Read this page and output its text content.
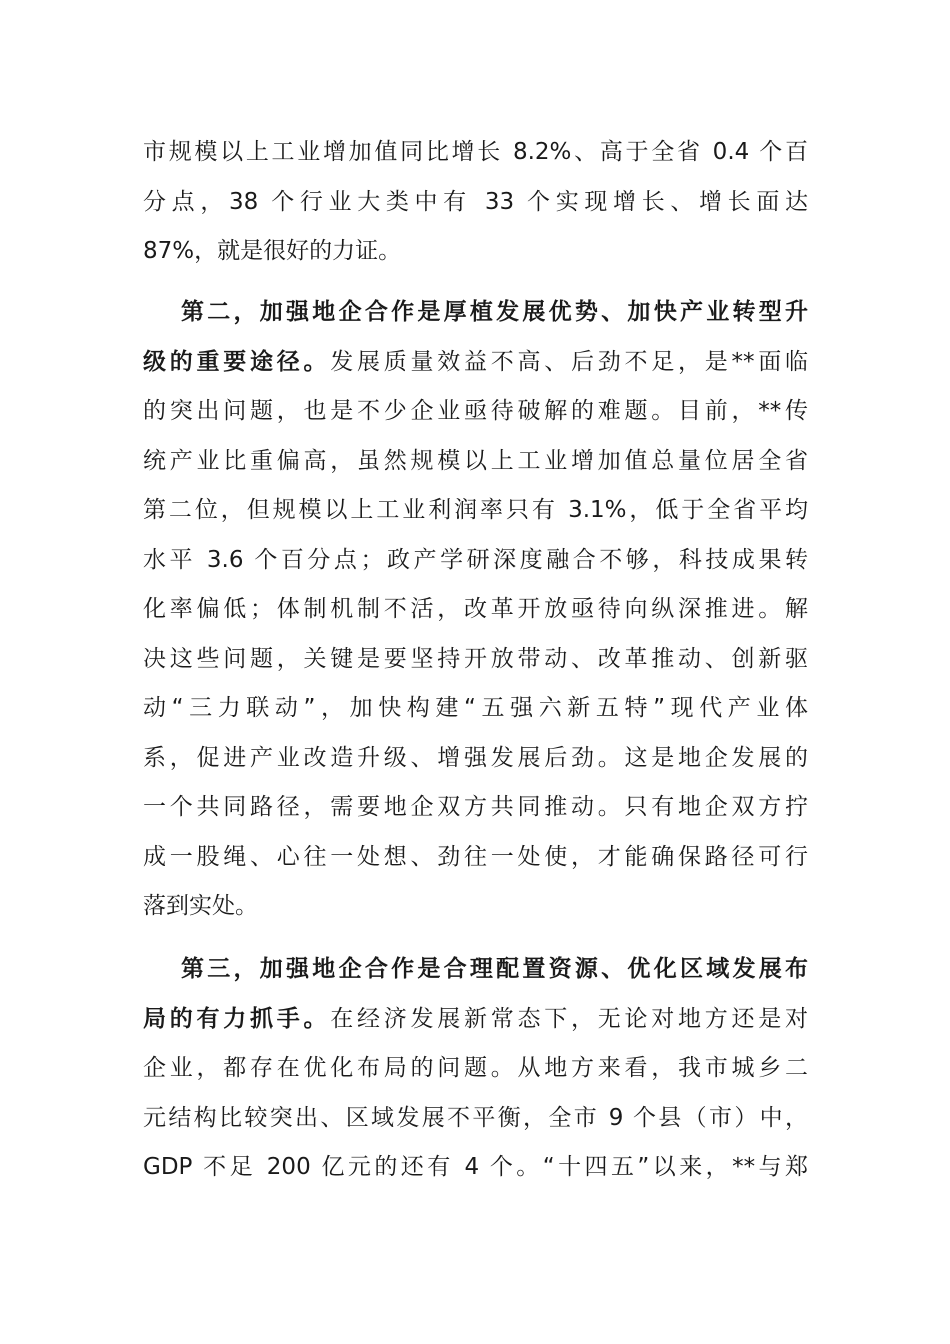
市规模以上工业增加值同比增长 8.2%、高于全省 0.4 个百
分点，38 个行业大类中有 33 个实现增长、增长面达
87%，就是很好的力证。
第二，加强地企合作是厚植发展优势、加快产业转型升
级的重要途径。发展质量效益不高、后劲不足，是**面临
的突出问题，也是不少企业亟待破解的难题。目前，**传
统产业比重偏高，虽然规模以上工业增加值总量位居全省
第二位，但规模以上工业利润率只有 3.1%，低于全省平均
水平 3.6 个百分点；政产学研深度融合不够，科技成果转
化率偏低；体制机制不活，改革开放亟待向纵深推进。解
决这些问题，关键是要坚持开放带动、改革推动、创新驱
动“三力联动”，加快构建“五强六新五特”现代产业体
系，促进产业改造升级、增强发展后劲。这是地企发展的
一个共同路径，需要地企双方共同推动。只有地企双方拧
成一股绳、心往一处想、劲往一处使，才能确保路径可行
落到实处。
第三，加强地企合作是合理配置资源、优化区域发展布
局的有力抓手。在经济发展新常态下，无论对地方还是对
企业，都存在优化布局的问题。从地方来看，我市城乡二
元结构比较突出、区域发展不平衡，全市 9 个县（市）中，
GDP 不足 200 亿元的还有 4 个。“十四五”以来，**与郑
